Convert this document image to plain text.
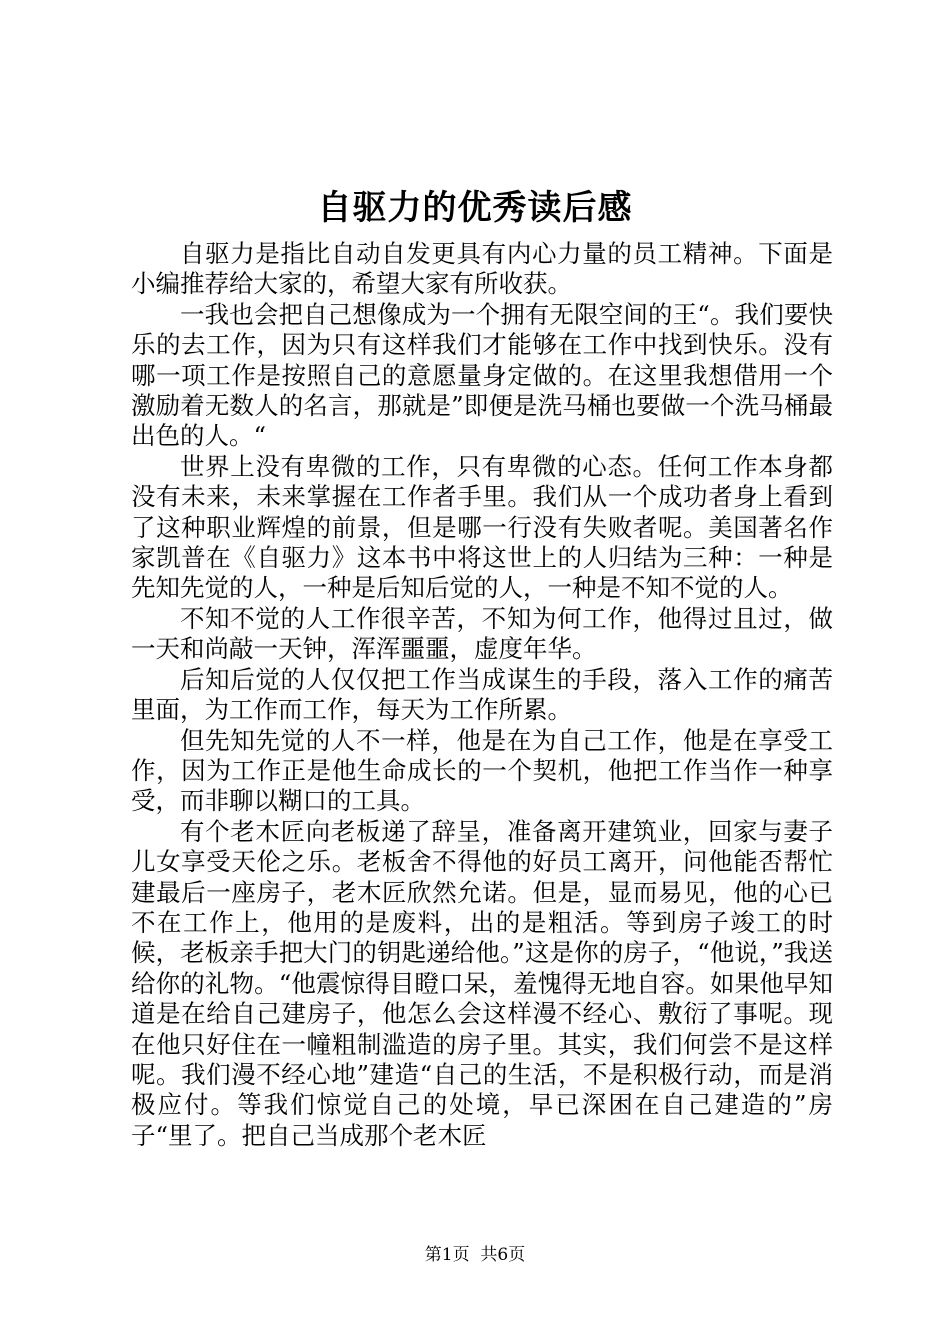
自驱力的优秀读后感

自驱力是指比自动自发更具有内心力量的员工精神。下面是小编推荐给大家的，希望大家有所收获。

一我也会把自己想像成为一个拥有无限空间的王“。我们要快乐的去工作，因为只有这样我们才能够在工作中找到快乐。没有哪一项工作是按照自己的意愿量身定做的。在这里我想借用一个激励着无数人的名言，那就是”即便是洗马桶也要做一个洗马桶最出色的人。“

世界上没有卑微的工作，只有卑微的心态。任何工作本身都没有未来，未来掌握在工作者手里。我们从一个成功者身上看到了这种职业辉煌的前景，但是哪一行没有失败者呢。美国著名作家凯普在《自驱力》这本书中将这世上的人归结为三种：一种是先知先觉的人，一种是后知后觉的人，一种是不知不觉的人。

不知不觉的人工作很辛苦，不知为何工作，他得过且过，做一天和尚敲一天钟，浑浑噩噩，虚度年华。

后知后觉的人仅仅把工作当成谋生的手段，落入工作的痛苦里面，为工作而工作，每天为工作所累。

但先知先觉的人不一样，他是在为自己工作，他是在享受工作，因为工作正是他生命成长的一个契机，他把工作当作一种享受，而非聊以糊口的工具。

有个老木匠向老板递了辞呈，准备离开建筑业，回家与妻子儿女享受天伦之乐。老板舍不得他的好员工离开，问他能否帮忙建最后一座房子，老木匠欣然允诺。但是，显而易见，他的心已不在工作上，他用的是废料，出的是粗活。等到房子竣工的时候，老板亲手把大门的钥匙递给他。”这是你的房子，“他说，”我送给你的礼物。“他震惊得目瞪口呆，羞愧得无地自容。如果他早知道是在给自己建房子，他怎么会这样漫不经心、敷衍了事呢。现在他只好住在一幢粗制滥造的房子里。其实，我们何尝不是这样呢。我们漫不经心地”建造“自己的生活，不是积极行动，而是消极应付。等我们惊觉自己的处境，早已深困在自己建造的”房子“里了。把自己当成那个老木匠

第1页  共6页
